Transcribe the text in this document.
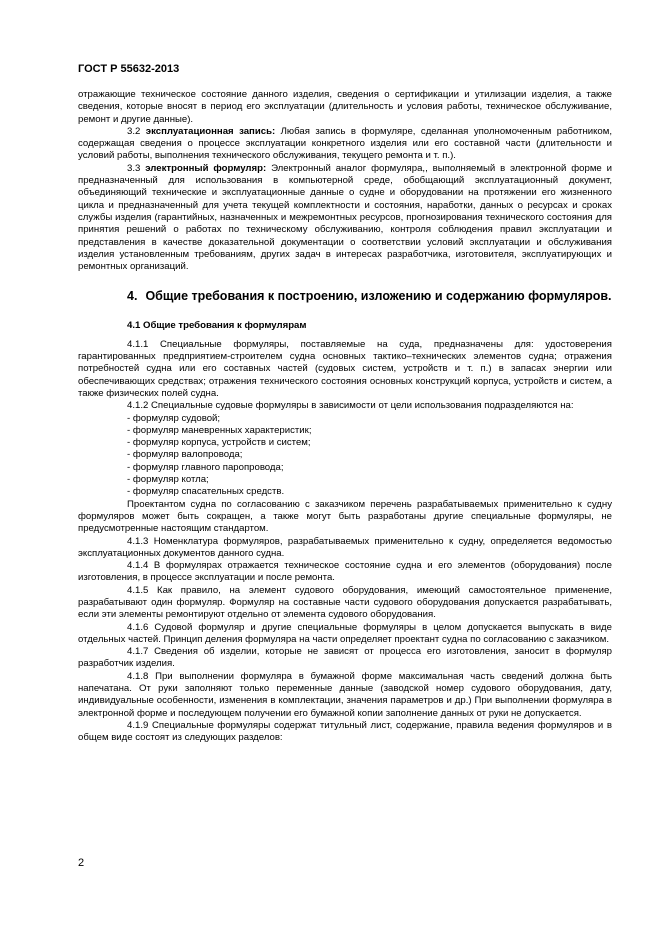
ГОСТ Р 55632-2013

отражающие техническое состояние данного изделия, сведения о сертификации и утилизации изделия, а также сведения, которые вносят в период его эксплуатации (длительность и условия работы, техническое обслуживание, ремонт и другие данные).

3.2 эксплуатационная запись: Любая запись в формуляре, сделанная уполномоченным работником, содержащая сведения о процессе эксплуатации конкретного изделия или его составной части (длительности и условий работы, выполнения технического обслуживания, текущего ремонта и т. п.).

3.3 электронный формуляр: Электронный аналог формуляра,, выполняемый в электронной форме и предназначенный для использования в компьютерной среде, обобщающий эксплуатационный документ, объединяющий технические и эксплуатационные данные о судне и оборудовании на протяжении его жизненного цикла и предназначенный для учета текущей комплектности и состояния, наработки, данных о ресурсах и сроках службы изделия (гарантийных, назначенных и межремонтных ресурсов, прогнозирования технического состояния для принятия решений о работах по техническому обслуживанию, контроля соблюдения правил эксплуатации и представления в качестве доказательной документации о соответствии условий эксплуатации и обслуживания изделия установленным требованиям, других задач в интересах разработчика, изготовителя, эксплуатирующих и ремонтных организаций.

4. Общие требования к построению, изложению и содержанию формуляров.
4.1 Общие требования к формулярам

4.1.1 Специальные формуляры, поставляемые на суда, предназначены для: удостоверения гарантированных предприятием-строителем судна основных тактико–технических элементов судна; отражения потребностей судна или его составных частей (судовых систем, устройств и т. п.) в запасах энергии или обеспечивающих средствах; отражения технического состояния основных конструкций корпуса, устройств и систем, а также физических полей судна.

4.1.2 Специальные судовые формуляры в зависимости от цели использования подразделяются на:

- формуляр судовой;
- формуляр маневренных характеристик;
- формуляр корпуса, устройств и систем;
- формуляр валопровода;
- формуляр главного паропровода;
- формуляр котла;
- формуляр спасательных средств.

Проектантом судна по согласованию с заказчиком перечень разрабатываемых применительно к судну формуляров может быть сокращен, а также могут быть разработаны другие специальные формуляры, не предусмотренные настоящим стандартом.

4.1.3 Номенклатура формуляров, разрабатываемых применительно к судну, определяется ведомостью эксплуатационных документов данного судна.

4.1.4 В формулярах отражается техническое состояние судна и его элементов (оборудования) после изготовления, в процессе эксплуатации и после ремонта.

4.1.5 Как правило, на элемент судового оборудования, имеющий самостоятельное применение, разрабатывают один формуляр. Формуляр на составные части судового оборудования допускается разрабатывать, если эти элементы ремонтируют отдельно от элемента судового оборудования.

4.1.6 Судовой формуляр и другие специальные формуляры в целом допускается выпускать в виде отдельных частей. Принцип деления формуляра на части определяет проектант судна по согласованию с заказчиком.

4.1.7 Сведения об изделии, которые не зависят от процесса его изготовления, заносит в формуляр разработчик изделия.

4.1.8 При выполнении формуляра в бумажной форме максимальная часть сведений должна быть напечатана. От руки заполняют только переменные данные (заводской номер судового оборудования, дату, индивидуальные особенности, изменения в комплектации, значения параметров и др.) При выполнении формуляра в электронной форме и последующем получении его бумажной копии заполнение данных от руки не допускается.

4.1.9 Специальные формуляры содержат титульный лист, содержание, правила ведения формуляров и в общем виде состоят из следующих разделов:

2
